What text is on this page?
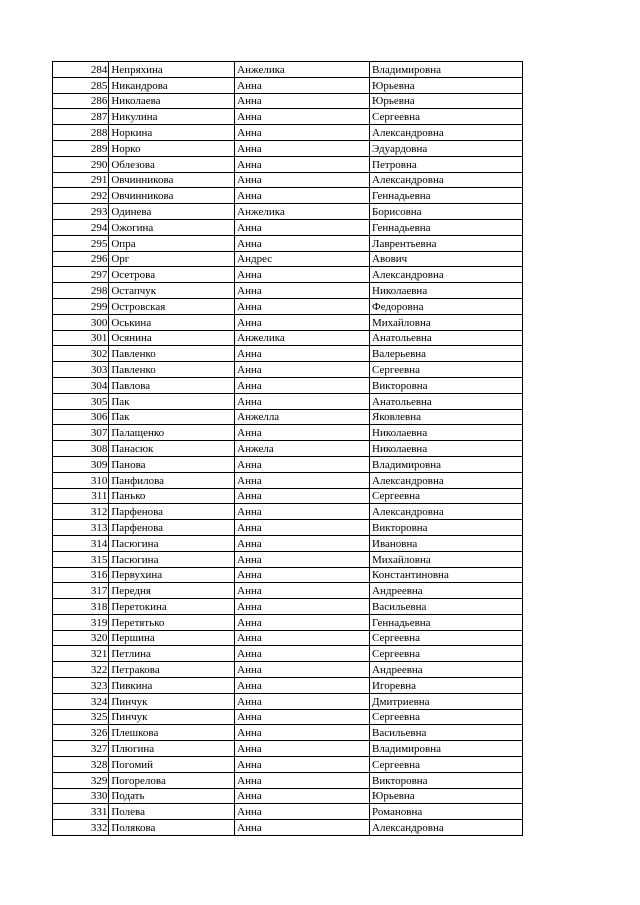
284	Непряхина	Анжелика	Владимировна
285	Никандрова	Анна	Юрьевна
286	Николаева	Анна	Юрьевна
287	Никулина	Анна	Сергеевна
288	Норкина	Анна	Александровна
289	Норко	Анна	Эдуардовна
290	Облезова	Анна	Петровна
291	Овчинникова	Анна	Александровна
292	Овчинникова	Анна	Геннадьевна
293	Одинева	Анжелика	Борисовна
294	Ожогина	Анна	Геннадьевна
295	Опра	Анна	Лаврентьевна
296	Орг	Андрес	Авович
297	Осетрова	Анна	Александровна
298	Остапчук	Анна	Николаевна
299	Островская	Анна	Федоровна
300	Оськина	Анна	Михайловна
301	Осянина	Анжелика	Анатольевна
302	Павленко	Анна	Валерьевна
303	Павленко	Анна	Сергеевна
304	Павлова	Анна	Викторовна
305	Пак	Анна	Анатольевна
306	Пак	Анжелла	Яковлевна
307	Палащенко	Анна	Николаевна
308	Панасюк	Анжела	Николаевна
309	Панова	Анна	Владимировна
310	Панфилова	Анна	Александровна
311	Панько	Анна	Сергеевна
312	Парфенова	Анна	Александровна
313	Парфенова	Анна	Викторовна
314	Пасюгина	Анна	Ивановна
315	Пасюгина	Анна	Михайловна
316	Первухина	Анна	Константиновна
317	Передня	Анна	Андреевна
318	Перетокина	Анна	Васильевна
319	Перетятько	Анна	Геннадьевна
320	Першина	Анна	Сергеевна
321	Петлина	Анна	Сергеевна
322	Петракова	Анна	Андреевна
323	Пивкина	Анна	Игоревна
324	Пинчук	Анна	Дмитриевна
325	Пинчук	Анна	Сергеевна
326	Плешкова	Анна	Васильевна
327	Плюгина	Анна	Владимировна
328	Погомий	Анна	Сергеевна
329	Погорелова	Анна	Викторовна
330	Подать	Анна	Юрьевна
331	Полева	Анна	Романовна
332	Полякова	Анна	Александровна
